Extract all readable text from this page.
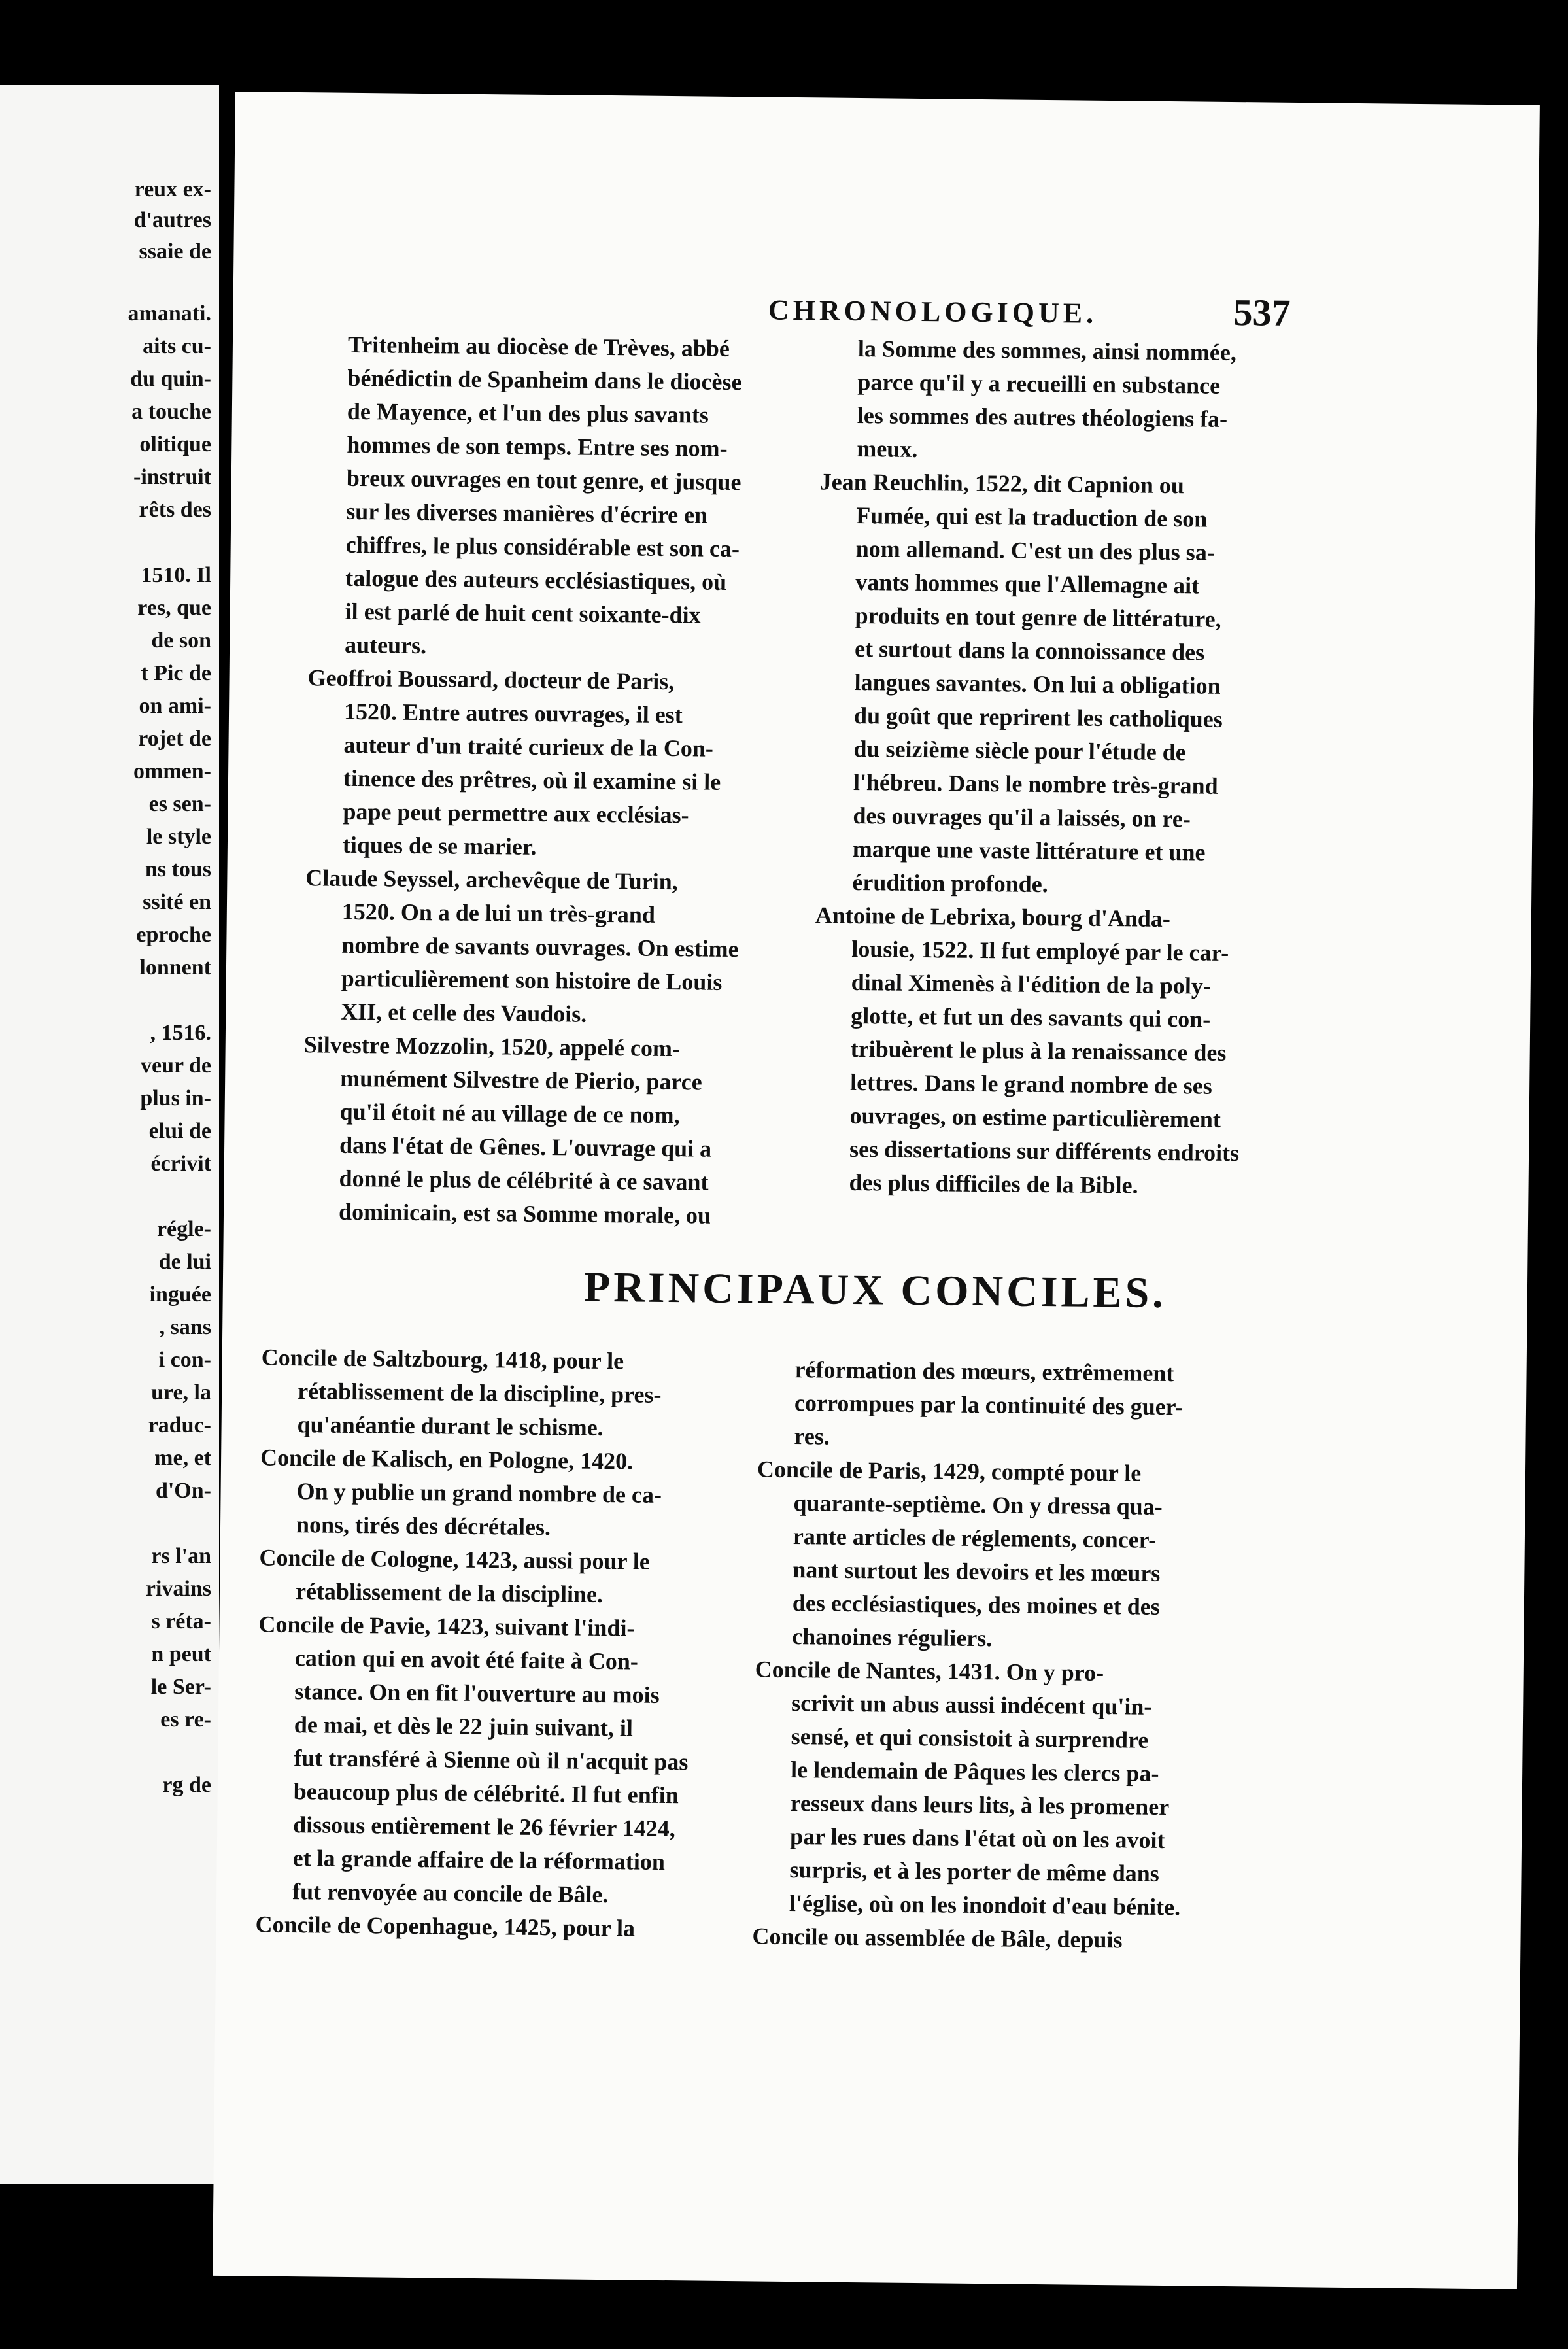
reux ex-
d'autres
ssaie de
amanati.
aits cu-
du quin-
a touche
olitique
-instruit
rêts des
1510. Il
res, que
de son
t Pic de
on ami-
rojet de
ommen-
es sen-
le style
ns tous
ssité en
eproche
lonnent
, 1516.
veur de
plus in-
elui de
écrivit
régle-
de lui
inguée
, sans
i con-
ure, la
raduc-
me, et
d'On-
rs l'an
rivains
s réta-
n peut
le Ser-
es re-
rg de
CHRONOLOGIQUE.	537
Tritenheim au diocèse de Trèves, abbé
bénédictin de Spanheim dans le diocèse
de Mayence, et l'un des plus savants
hommes de son temps. Entre ses nom-
breux ouvrages en tout genre, et jusque
sur les diverses manières d'écrire en
chiffres, le plus considérable est son ca-
talogue des auteurs ecclésiastiques, où
il est parlé de huit cent soixante-dix
auteurs.
Geoffroi Boussard, docteur de Paris,
1520. Entre autres ouvrages, il est
auteur d'un traité curieux de la Con-
tinence des prêtres, où il examine si le
pape peut permettre aux ecclésias-
tiques de se marier.
Claude Seyssel, archevêque de Turin,
1520. On a de lui un très-grand
nombre de savants ouvrages. On estime
particulièrement son histoire de Louis
XII, et celle des Vaudois.
Silvestre Mozzolin, 1520, appelé com-
munément Silvestre de Pierio, parce
qu'il étoit né au village de ce nom,
dans l'état de Gênes. L'ouvrage qui a
donné le plus de célébrité à ce savant
dominicain, est sa Somme morale, ou
la Somme des sommes, ainsi nommée,
parce qu'il y a recueilli en substance
les sommes des autres théologiens fa-
meux.
Jean Reuchlin, 1522, dit Capnion ou
Fumée, qui est la traduction de son
nom allemand. C'est un des plus sa-
vants hommes que l'Allemagne ait
produits en tout genre de littérature,
et surtout dans la connoissance des
langues savantes. On lui a obligation
du goût que reprirent les catholiques
du seizième siècle pour l'étude de
l'hébreu. Dans le nombre très-grand
des ouvrages qu'il a laissés, on re-
marque une vaste littérature et une
érudition profonde.
Antoine de Lebrixa, bourg d'Anda-
lousie, 1522. Il fut employé par le car-
dinal Ximenès à l'édition de la poly-
glotte, et fut un des savants qui con-
tribuèrent le plus à la renaissance des
lettres. Dans le grand nombre de ses
ouvrages, on estime particulièrement
ses dissertations sur différents endroits
des plus difficiles de la Bible.
PRINCIPAUX CONCILES.
Concile de Saltzbourg, 1418, pour le
rétablissement de la discipline, pres-
qu'anéantie durant le schisme.
Concile de Kalisch, en Pologne, 1420.
On y publie un grand nombre de ca-
nons, tirés des décrétales.
Concile de Cologne, 1423, aussi pour le
rétablissement de la discipline.
Concile de Pavie, 1423, suivant l'indi-
cation qui en avoit été faite à Con-
stance. On en fit l'ouverture au mois
de mai, et dès le 22 juin suivant, il
fut transféré à Sienne où il n'acquit pas
beaucoup plus de célébrité. Il fut enfin
dissous entièrement le 26 février 1424,
et la grande affaire de la réformation
fut renvoyée au concile de Bâle.
Concile de Copenhague, 1425, pour la
réformation des mœurs, extrêmement
corrompues par la continuité des guer-
res.
Concile de Paris, 1429, compté pour le
quarante-septième. On y dressa qua-
rante articles de réglements, concer-
nant surtout les devoirs et les mœurs
des ecclésiastiques, des moines et des
chanoines réguliers.
Concile de Nantes, 1431. On y pro-
scrivit un abus aussi indécent qu'in-
sensé, et qui consistoit à surprendre
le lendemain de Pâques les clercs pa-
resseux dans leurs lits, à les promener
par les rues dans l'état où on les avoit
surpris, et à les porter de même dans
l'église, où on les inondoit d'eau bénite.
Concile ou assemblée de Bâle, depuis
